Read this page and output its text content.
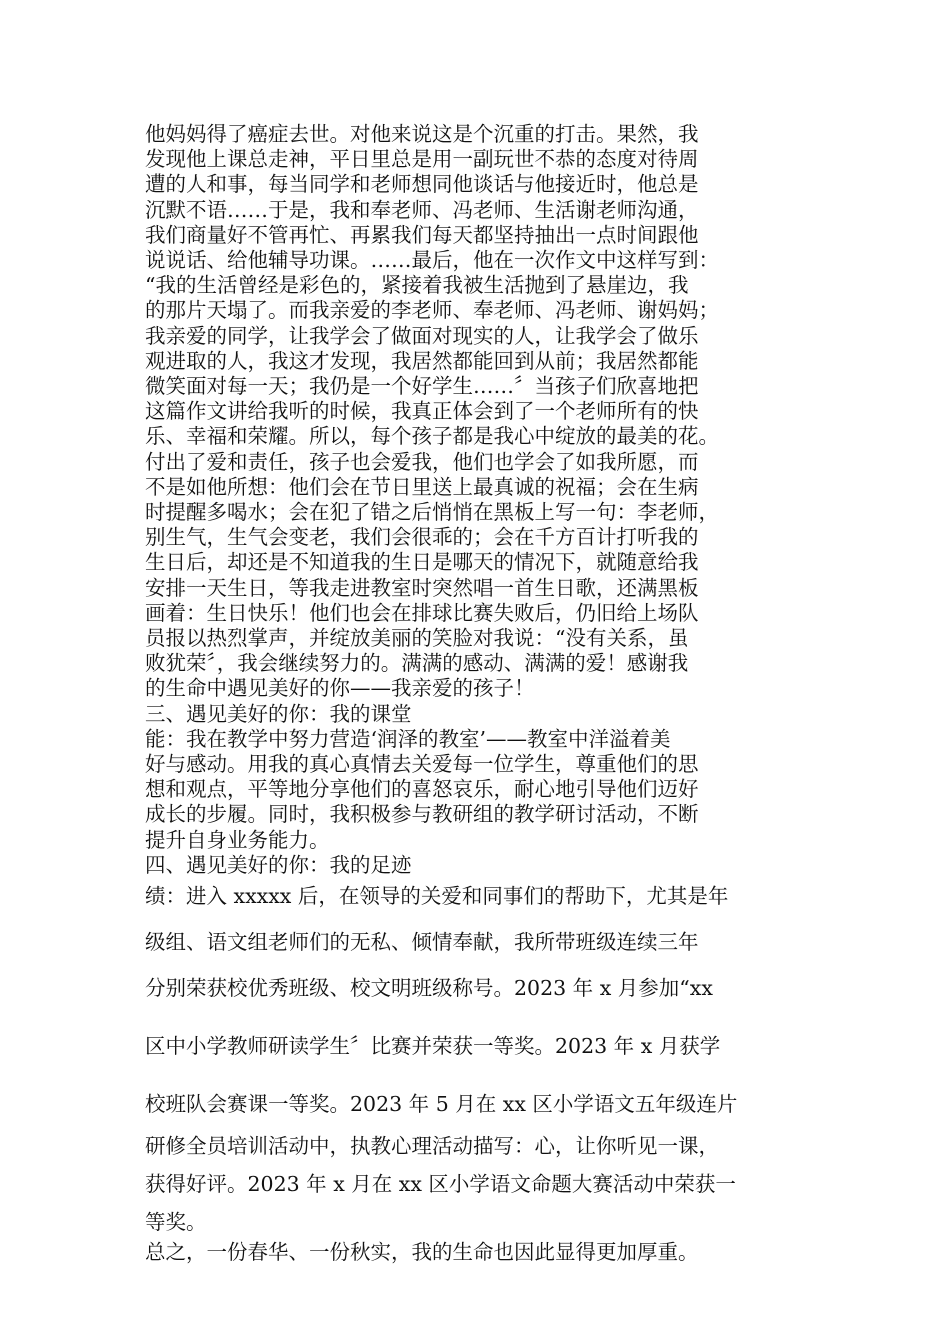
他妈妈得了癌症去世。对他来说这是个沉重的打击。果然，我

发现他上课总走神，平日里总是用一副玩世不恭的态度对待周

遭的人和事，每当同学和老师想同他谈话与他接近时，他总是

沉默不语……于是，我和奉老师、冯老师、生活谢老师沟通，

我们商量好不管再忙、再累我们每天都坚持抽出一点时间跟他

说说话、给他辅导功课。……最后，他在一次作文中这样写到：

“我的生活曾经是彩色的，紧接着我被生活抛到了悬崖边，我

的那片天塌了。而我亲爱的李老师、奉老师、冯老师、谢妈妈；

我亲爱的同学，让我学会了做面对现实的人，让我学会了做乐

观进取的人，我这才发现，我居然都能回到从前；我居然都能

微笑面对每一天；我仍是一个好学生……〞当孩子们欣喜地把

这篇作文讲给我听的时候，我真正体会到了一个老师所有的快

乐、幸福和荣耀。所以，每个孩子都是我心中绽放的最美的花。

付出了爱和责任，孩子也会爱我，他们也学会了如我所愿，而

不是如他所想：他们会在节日里送上最真诚的祝福；会在生病

时提醒多喝水；会在犯了错之后悄悄在黑板上写一句：李老师，

别生气，生气会变老，我们会很乖的；会在千方百计打听我的

生日后，却还是不知道我的生日是哪天的情况下，就随意给我

安排一天生日，等我走进教室时突然唱一首生日歌，还满黑板

画着：生日快乐！他们也会在排球比赛失败后，仍旧给上场队

员报以热烈掌声，并绽放美丽的笑脸对我说：“没有关系，虽

败犹荣〞，我会继续努力的。满满的感动、满满的爱！感谢我

的生命中遇见美好的你——我亲爱的孩子！

三、遇见美好的你：我的课堂

能：我在教学中努力营造‘润泽的教室’——教室中洋溢着美

好与感动。用我的真心真情去关爱每一位学生，尊重他们的思

想和观点，平等地分享他们的喜怒哀乐，耐心地引导他们迈好

成长的步履。同时，我积极参与教研组的教学研讨活动，不断

提升自身业务能力。

四、遇见美好的你：我的足迹

绩：进入 xxxxx 后，在领导的关爱和同事们的帮助下，尤其是年

级组、语文组老师们的无私、倾情奉献，我所带班级连续三年

分别荣获校优秀班级、校文明班级称号。2023 年 x 月参加“xx

区中小学教师研读学生〞比赛并荣获一等奖。2023 年 x 月获学

校班队会赛课一等奖。2023 年 5 月在 xx 区小学语文五年级连片

研修全员培训活动中，执教心理活动描写：心，让你听见一课，

获得好评。2023 年 x 月在 xx 区小学语文命题大赛活动中荣获一

等奖。

总之，一份春华、一份秋实，我的生命也因此显得更加厚重。
